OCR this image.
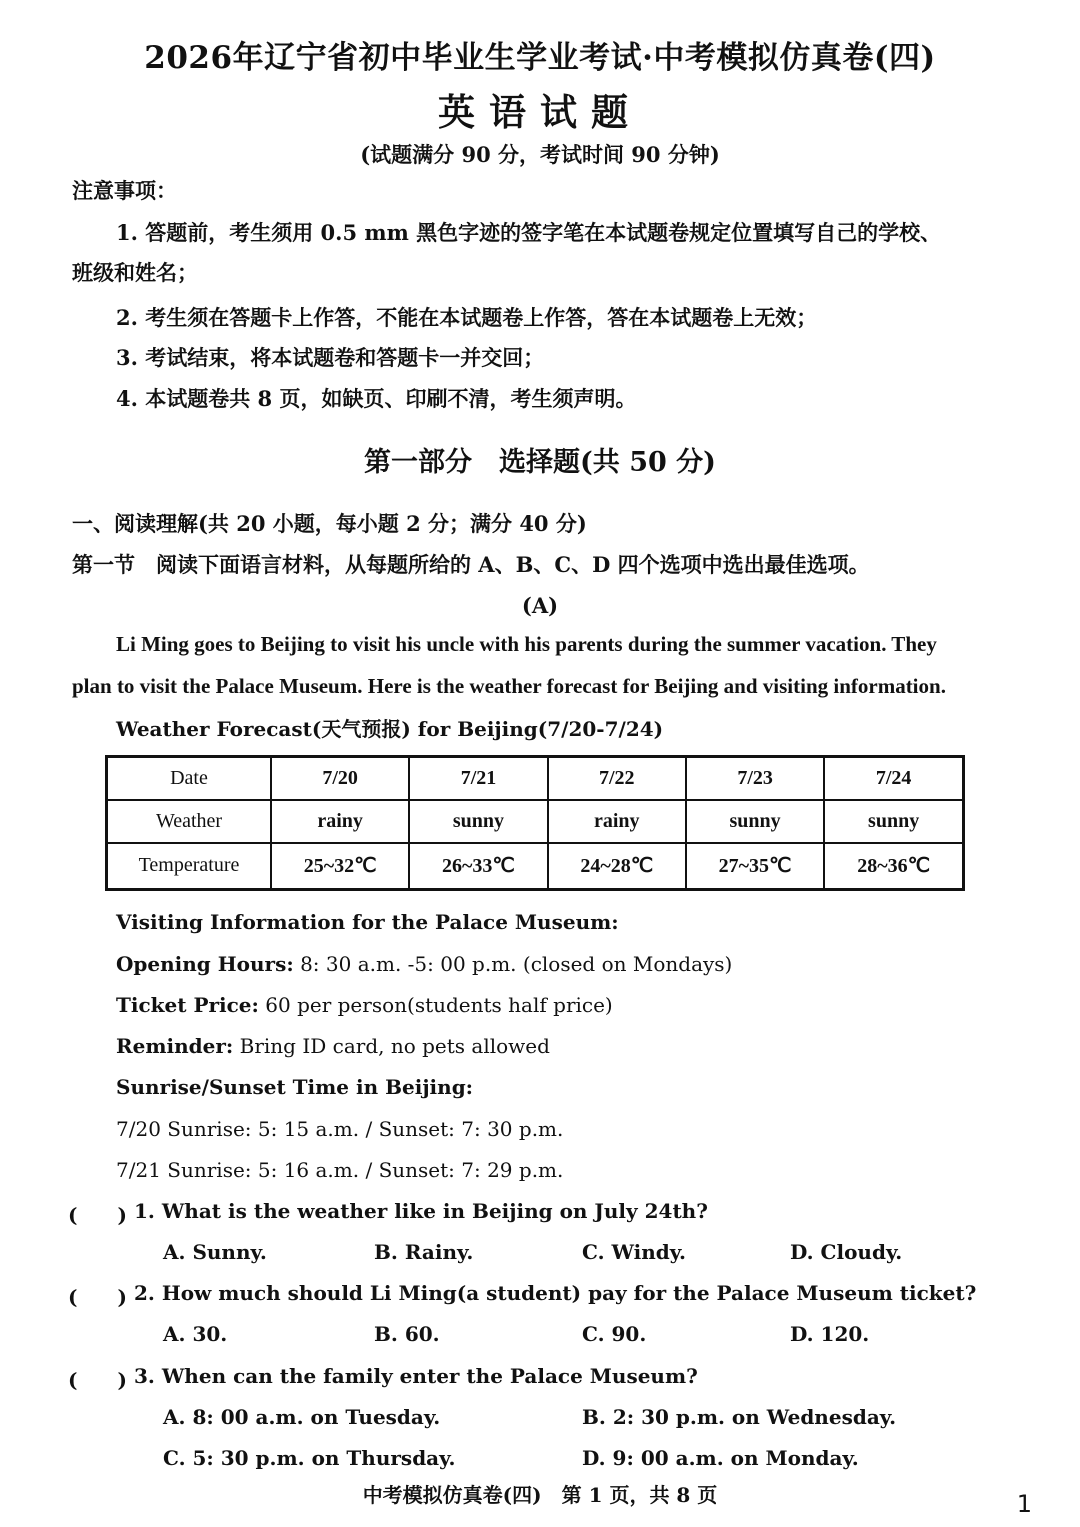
2026年辽宁省初中毕业生学业考试·中考模拟仿真卷(四)
英语试题
(试题满分 90 分，考试时间 90 分钟)
注意事项：
1. 答题前，考生须用 0.5 mm 黑色字迹的签字笔在本试题卷规定位置填写自己的学校、
班级和姓名；
2. 考生须在答题卡上作答，不能在本试题卷上作答，答在本试题卷上无效；
3. 考试结束，将本试题卷和答题卡一并交回；
4. 本试题卷共 8 页，如缺页、印刷不清，考生须声明。
第一部分　选择题(共 50 分)
一、阅读理解(共 20 小题，每小题 2 分；满分 40 分)
第一节　阅读下面语言材料，从每题所给的 A、B、C、D 四个选项中选出最佳选项。
(A)
Li Ming goes to Beijing to visit his uncle with his parents during the summer vacation. They
plan to visit the Palace Museum. Here is the weather forecast for Beijing and visiting information.
Weather Forecast(天气预报) for Beijing(7/20-7/24)
Date	7/20	7/21	7/22	7/23	7/24
Weather	rainy	sunny	rainy	sunny	sunny
Temperature	25~32℃	26~33℃	24~28℃	27~35℃	28~36℃
Visiting Information for the Palace Museum:
Opening Hours: 8: 30 a.m. -5: 00 p.m. (closed on Mondays)
Ticket Price: 60 per person(students half price)
Reminder: Bring ID card, no pets allowed
Sunrise/Sunset Time in Beijing:
7/20 Sunrise: 5: 15 a.m. / Sunset: 7: 30 p.m.
7/21 Sunrise: 5: 16 a.m. / Sunset: 7: 29 p.m.
(　　) 1. What is the weather like in Beijing on July 24th?
A. Sunny.	B. Rainy.	C. Windy.	D. Cloudy.
(　　) 2. How much should Li Ming(a student) pay for the Palace Museum ticket?
A. 30.	B. 60.	C. 90.	D. 120.
(　　) 3. When can the family enter the Palace Museum?
A. 8: 00 a.m. on Tuesday.	B. 2: 30 p.m. on Wednesday.
C. 5: 30 p.m. on Thursday.	D. 9: 00 a.m. on Monday.
中考模拟仿真卷(四)　第 1 页，共 8 页	1
